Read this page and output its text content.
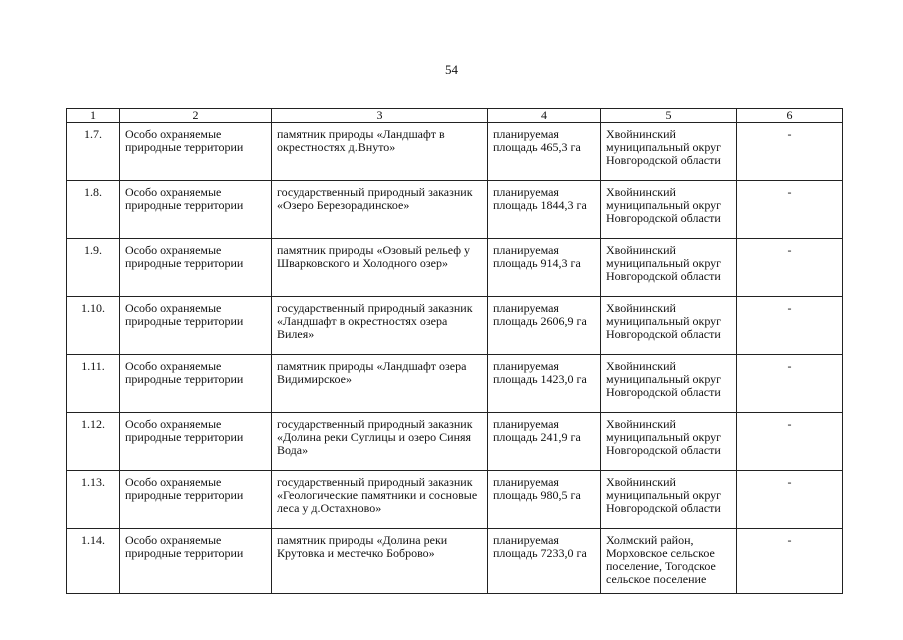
54
1	2	3	4	5	6
1.7.	Особо охраняемые природные территории	памятник природы «Ландшафт в окрестностях д.Внуто»	планируемая площадь 465,3 га	Хвойнинский муниципальный округ Новгородской области	-
1.8.	Особо охраняемые природные территории	государственный природный заказник «Озеро Березорадинское»	планируемая площадь 1844,3 га	Хвойнинский муниципальный округ Новгородской области	-
1.9.	Особо охраняемые природные территории	памятник природы «Озовый рельеф у Шварковского и Холодного озер»	планируемая площадь 914,3 га	Хвойнинский муниципальный округ Новгородской области	-
1.10.	Особо охраняемые природные территории	государственный природный заказник «Ландшафт в окрестностях озера Вилея»	планируемая площадь 2606,9 га	Хвойнинский муниципальный округ Новгородской области	-
1.11.	Особо охраняемые природные территории	памятник природы «Ландшафт озера Видимирское»	планируемая площадь 1423,0 га	Хвойнинский муниципальный округ Новгородской области	-
1.12.	Особо охраняемые природные территории	государственный природный заказник «Долина реки Суглицы и озеро Синяя Вода»	планируемая площадь 241,9 га	Хвойнинский муниципальный округ Новгородской области	-
1.13.	Особо охраняемые природные территории	государственный природный заказник «Геологические памятники и сосновые леса у д.Остахново»	планируемая площадь 980,5 га	Хвойнинский муниципальный округ Новгородской области	-
1.14.	Особо охраняемые природные территории	памятник природы «Долина реки Крутовка и местечко Боброво»	планируемая площадь 7233,0 га	Холмский район, Морховское сельское поселение, Тогодское сельское поселение	-
